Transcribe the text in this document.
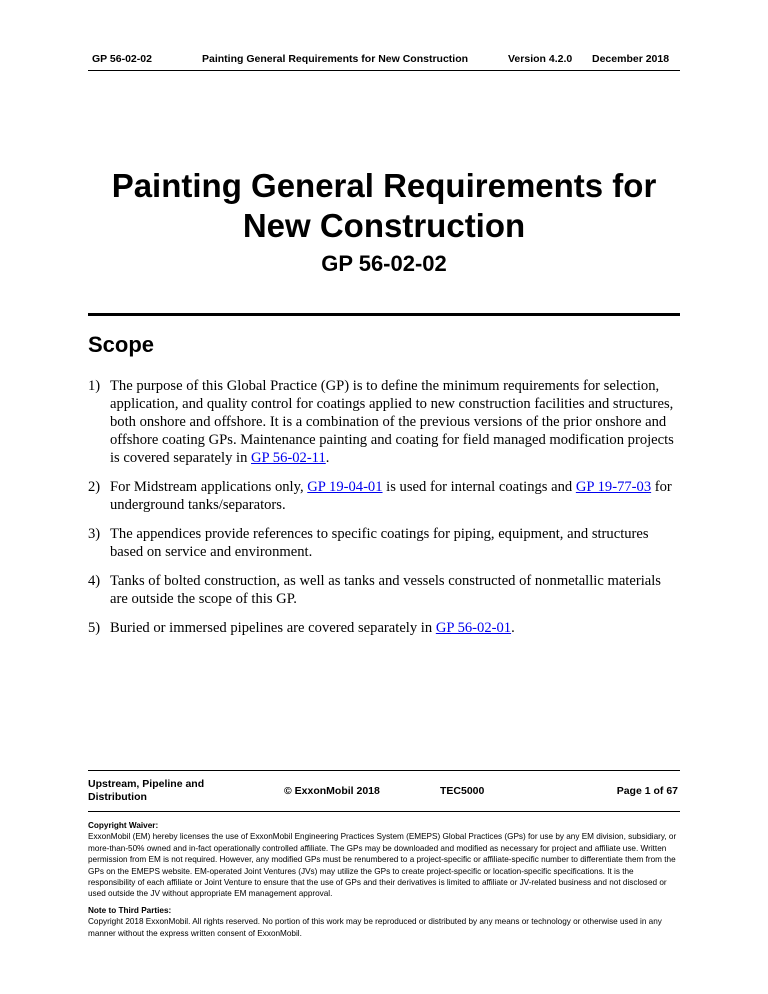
GP 56-02-02	Painting General Requirements for New Construction	Version 4.2.0 December 2018
Painting General Requirements for
New Construction
GP 56-02-02
Scope
1) The purpose of this Global Practice (GP) is to define the minimum requirements for selection, application, and quality control for coatings applied to new construction facilities and structures, both onshore and offshore. It is a combination of the previous versions of the prior onshore and offshore coating GPs. Maintenance painting and coating for field managed modification projects is covered separately in GP 56-02-11.
2) For Midstream applications only, GP 19-04-01 is used for internal coatings and GP 19-77-03 for underground tanks/separators.
3) The appendices provide references to specific coatings for piping, equipment, and structures based on service and environment.
4) Tanks of bolted construction, as well as tanks and vessels constructed of nonmetallic materials are outside the scope of this GP.
5) Buried or immersed pipelines are covered separately in GP 56-02-01.
Upstream, Pipeline and Distribution	© ExxonMobil 2018	TEC5000	Page 1 of 67

Copyright Waiver:

ExxonMobil (EM) hereby licenses the use of ExxonMobil Engineering Practices System (EMEPS) Global Practices (GPs) for use by any EM division, subsidiary, or more-than-50% owned and in-fact operationally controlled affiliate. The GPs may be downloaded and modified as necessary for project and affiliate use. Written permission from EM is not required. However, any modified GPs must be renumbered to a project-specific or affiliate-specific number to differentiate them from the GPs on the EMEPS website. EM-operated Joint Ventures (JVs) may utilize the GPs to create project-specific or location-specific specifications. It is the responsibility of each affiliate or Joint Venture to ensure that the use of GPs and their derivatives is limited to affiliate or JV-related business and not disclosed or used outside the JV without appropriate EM management approval.

Note to Third Parties:

Copyright 2018 ExxonMobil. All rights reserved. No portion of this work may be reproduced or distributed by any means or technology or otherwise used in any manner without the express written consent of ExxonMobil.
